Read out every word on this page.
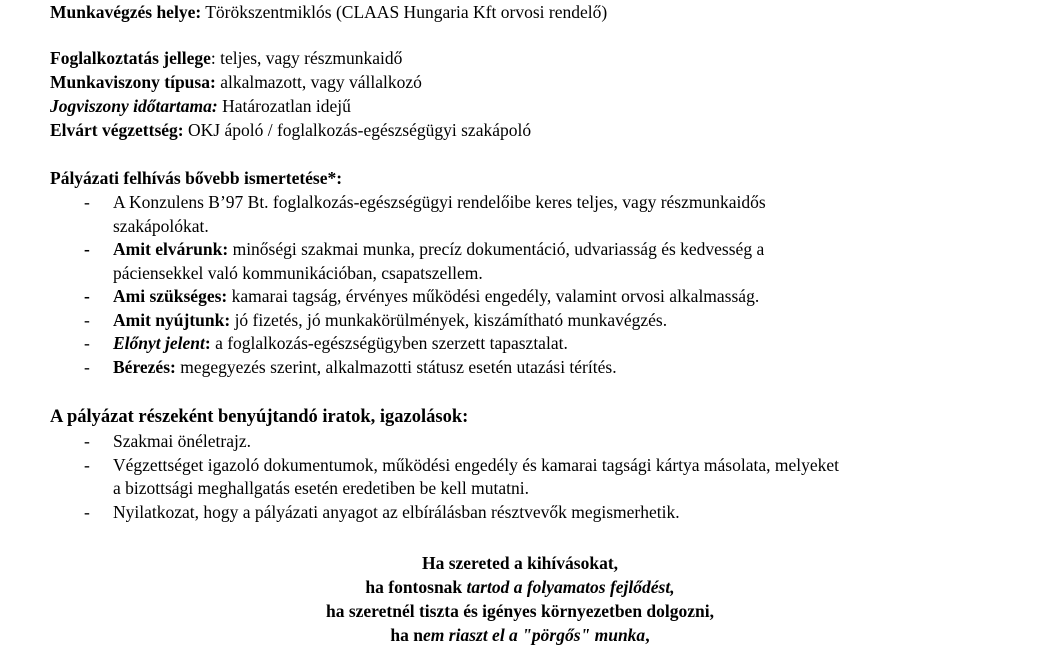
Munkavégzés helye: Törökszentmiklós (CLAAS Hungaria Kft orvosi rendelő)
Foglalkoztatás jellege: teljes, vagy részmunkaidő
Munkaviszony típusa: alkalmazott, vagy vállalkozó
Jogviszony időtartama: Határozatlan idejű
Elvárt végzettség: OKJ ápoló / foglalkozás-egészségügyi szakápoló
Pályázati felhívás bővebb ismertetése*:
- A Konzulens B’97 Bt. foglalkozás-egészségügyi rendelőibe keres teljes, vagy részmunkaidős
szakápolókat.
- Amit elvárunk: minőségi szakmai munka, precíz dokumentáció, udvariasság és kedvesség a
páciensekkel való kommunikációban, csapatszellem.
- Ami szükséges: kamarai tagság, érvényes működési engedély, valamint orvosi alkalmasság.
- Amit nyújtunk: jó fizetés, jó munkakörülmények, kiszámítható munkavégzés.
- Előnyt jelent: a foglalkozás-egészségügyben szerzett tapasztalat.
- Bérezés: megegyezés szerint, alkalmazotti státusz esetén utazási térítés.
A pályázat részeként benyújtandó iratok, igazolások:
- Szakmai önéletrajz.
- Végzettséget igazoló dokumentumok, működési engedély és kamarai tagsági kártya másolata, melyeket
a bizottsági meghallgatás esetén eredetiben be kell mutatni.
- Nyilatkozat, hogy a pályázati anyagot az elbírálásban résztvevők megismerhetik.
Ha szereted a kihívásokat,
ha fontosnak tartod a folyamatos fejlődést,
ha szeretnél tiszta és igényes környezetben dolgozni,
ha nem riaszt el a "pörgős" munka,
